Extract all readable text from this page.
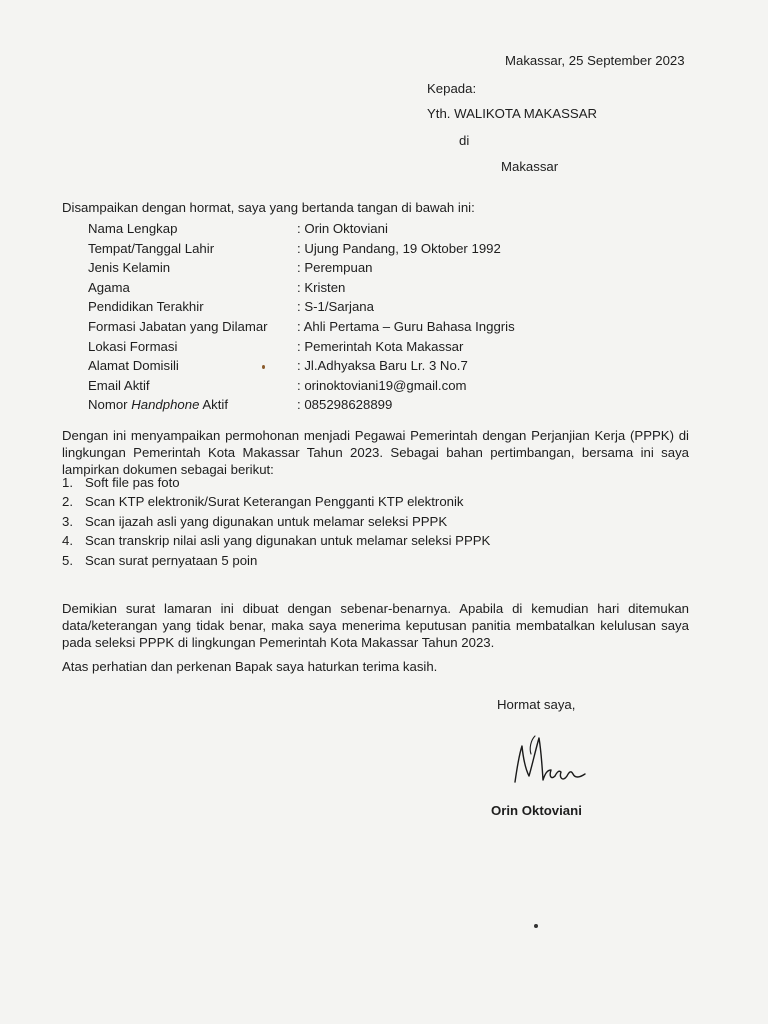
Makassar, 25 September 2023
Kepada:
Yth. WALIKOTA MAKASSAR
di
Makassar
Disampaikan dengan hormat, saya yang bertanda tangan di bawah ini:
Nama Lengkap	: Orin Oktoviani
Tempat/Tanggal Lahir	: Ujung Pandang, 19 Oktober 1992
Jenis Kelamin	: Perempuan
Agama	: Kristen
Pendidikan Terakhir	: S-1/Sarjana
Formasi Jabatan yang Dilamar : Ahli Pertama – Guru Bahasa Inggris
Lokasi Formasi	: Pemerintah Kota Makassar
Alamat Domisili	: Jl.Adhyaksa Baru Lr. 3 No.7
Email Aktif	: orinoktoviani19@gmail.com
Nomor Handphone Aktif	: 085298628899
Dengan ini menyampaikan permohonan menjadi Pegawai Pemerintah dengan Perjanjian Kerja (PPPK) di lingkungan Pemerintah Kota Makassar Tahun 2023. Sebagai bahan pertimbangan, bersama ini saya lampirkan dokumen sebagai berikut:
1. Soft file pas foto
2. Scan KTP elektronik/Surat Keterangan Pengganti KTP elektronik
3. Scan ijazah asli yang digunakan untuk melamar seleksi PPPK
4. Scan transkrip nilai asli yang digunakan untuk melamar seleksi PPPK
5. Scan surat pernyataan 5 poin
Demikian surat lamaran ini dibuat dengan sebenar-benarnya. Apabila di kemudian hari ditemukan data/keterangan yang tidak benar, maka saya menerima keputusan panitia membatalkan kelulusan saya pada seleksi PPPK di lingkungan Pemerintah Kota Makassar Tahun 2023.
Atas perhatian dan perkenan Bapak saya haturkan terima kasih.
Hormat saya,
Orin Oktoviani
